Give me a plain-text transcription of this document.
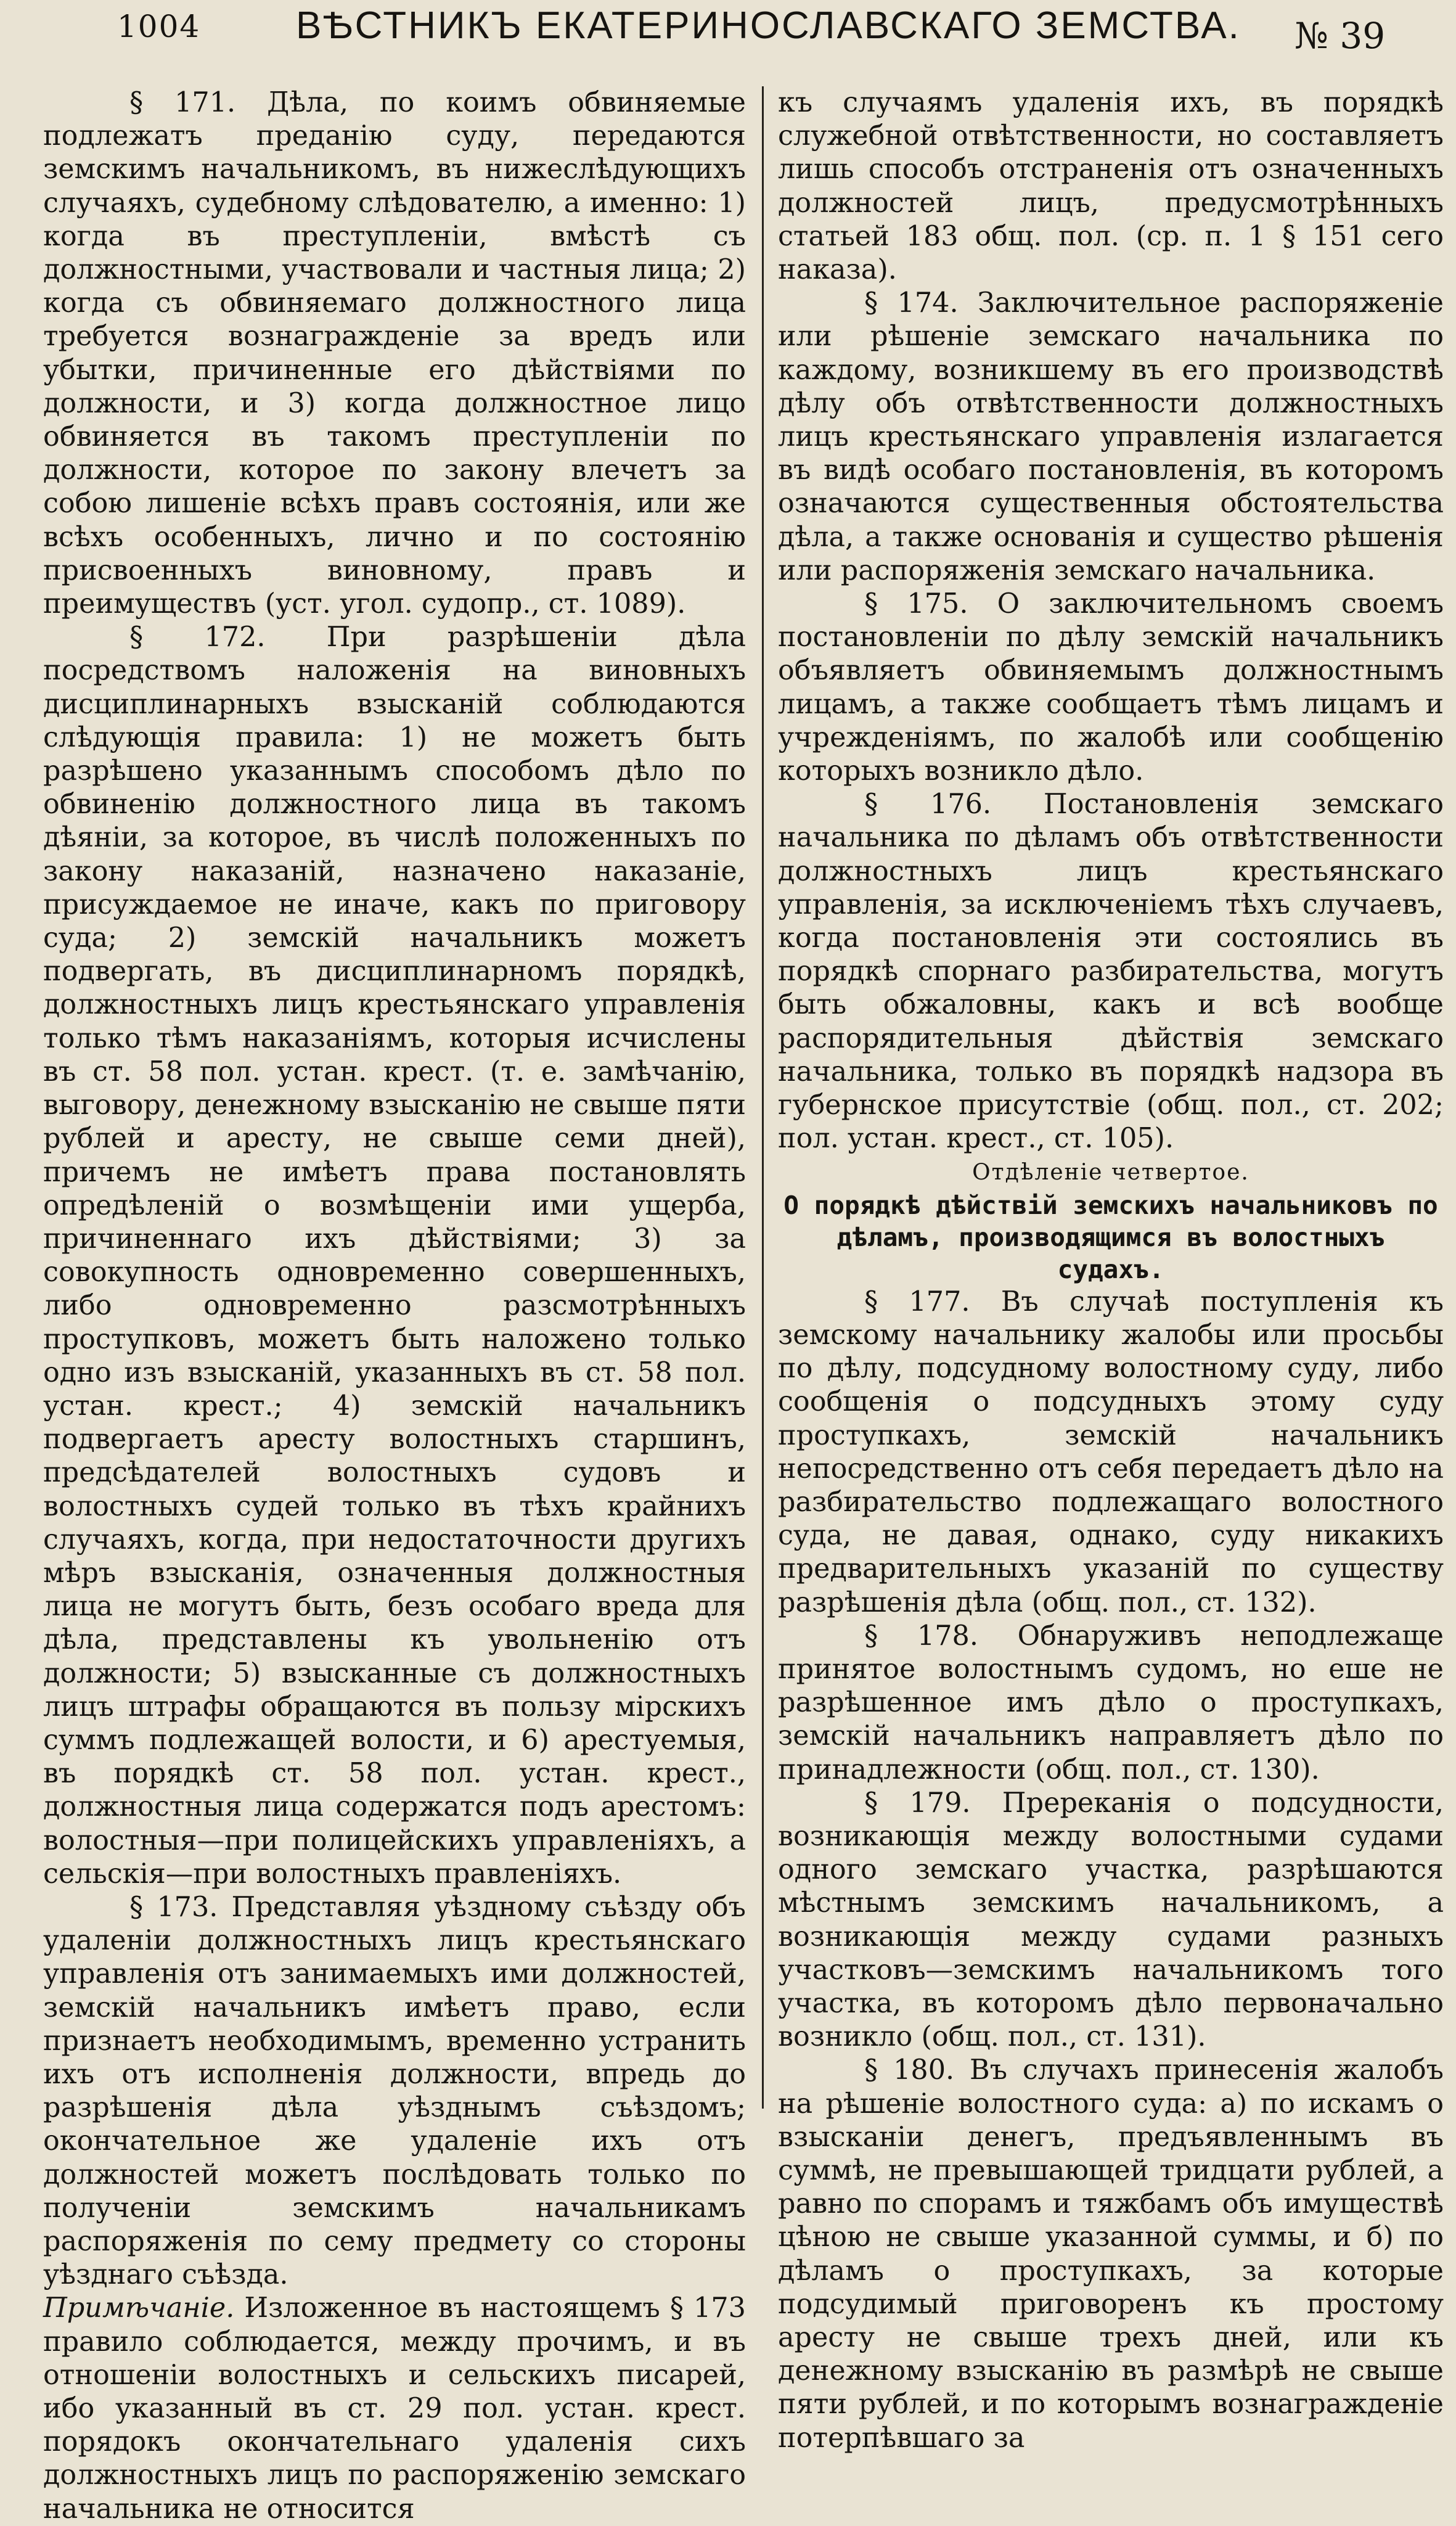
1004 ВѢСТНИКЪ ЕКАТЕРИНОСЛАВСКАГО ЗЕМСТВА. № 39

§ 171. Дѣла, по коимъ обвиняемые подлежатъ преданію суду, передаются земскимъ начальникомъ, въ нижеслѣдующихъ случаяхъ, судебному слѣдователю, а именно: 1) когда въ преступленіи, вмѣстѣ съ должностными, участвовали и частныя лица; 2) когда съ обвиняемаго должностного лица требуется вознагражденіе за вредъ или убытки, причиненные его дѣйствіями по должности, и 3) когда должностное лицо обвиняется въ такомъ преступленіи по должности, которое по закону влечетъ за собою лишеніе всѣхъ правъ состоянія, или же всѣхъ особенныхъ, лично и по состоянію присвоенныхъ виновному, правъ и преимуществъ (уст. угол. судопр., ст. 1089).

§ 172. При разрѣшеніи дѣла посредствомъ наложенія на виновныхъ дисциплинарныхъ взысканій соблюдаются слѣдующія правила: 1) не можетъ быть разрѣшено указаннымъ способомъ дѣло по обвиненію должностного лица въ такомъ дѣяніи, за которое, въ числѣ положенныхъ по закону наказаній, назначено наказаніе, присуждаемое не иначе, какъ по приговору суда; 2) земскій начальникъ можетъ подвергать, въ дисциплинарномъ порядкѣ, должностныхъ лицъ крестьянскаго управленія только тѣмъ наказаніямъ, которыя исчислены въ ст. 58 пол. устан. крест. (т. е. замѣчанію, выговору, денежному взысканію не свыше пяти рублей и аресту, не свыше семи дней), причемъ не имѣетъ права постановлять опредѣленій о возмѣщеніи ими ущерба, причиненнаго ихъ дѣйствіями; 3) за совокупность одновременно совершенныхъ, либо одновременно разсмотрѣнныхъ проступковъ, можетъ быть наложено только одно изъ взысканій, указанныхъ въ ст. 58 пол. устан. крест.; 4) земскій начальникъ подвергаетъ аресту волостныхъ старшинъ, предсѣдателей волостныхъ судовъ и волостныхъ судей только въ тѣхъ крайнихъ случаяхъ, когда, при недостаточности другихъ мѣръ взысканія, означенныя должностныя лица не могутъ быть, безъ особаго вреда для дѣла, представлены къ увольненію отъ должности; 5) взысканные съ должностныхъ лицъ штрафы обращаются въ пользу мірскихъ суммъ подлежащей волости, и 6) арестуемыя, въ порядкѣ ст. 58 пол. устан. крест., должностныя лица содержатся подъ арестомъ: волостныя—при полицейскихъ управленіяхъ, а сельскія—при волостныхъ правленіяхъ.

§ 173. Представляя уѣздному съѣзду объ удаленіи должностныхъ лицъ крестьянскаго управленія отъ занимаемыхъ ими должностей, земскій начальникъ имѣетъ право, если признаетъ необходимымъ, временно устранить ихъ отъ исполненія должности, впредь до разрѣшенія дѣла уѣзднымъ съѣздомъ; окончательное же удаленіе ихъ отъ должностей можетъ послѣдовать только по полученіи земскимъ начальникамъ распоряженія по сему предмету со стороны уѣзднаго съѣзда.

Примѣчаніе. Изложенное въ настоящемъ § 173 правило соблюдается, между прочимъ, и въ отношеніи волостныхъ и сельскихъ писарей, ибо указанный въ ст. 29 пол. устан. крест. порядокъ окончательнаго удаленія сихъ должностныхъ лицъ по распоряженію земскаго начальника не относится

къ случаямъ удаленія ихъ, въ порядкѣ служебной отвѣтственности, но составляетъ лишь способъ отстраненія отъ означенныхъ должностей лицъ, предусмотрѣнныхъ статьей 183 общ. пол. (ср. п. 1 § 151 сего наказа).

§ 174. Заключительное распоряженіе или рѣшеніе земскаго начальника по каждому, возникшему въ его производствѣ дѣлу объ отвѣтственности должностныхъ лицъ крестьянскаго управленія излагается въ видѣ особаго постановленія, въ которомъ означаются существенныя обстоятельства дѣла, а также основанія и существо рѣшенія или распоряженія земскаго начальника.

§ 175. О заключительномъ своемъ постановленіи по дѣлу земскій начальникъ объявляетъ обвиняемымъ должностнымъ лицамъ, а также сообщаетъ тѣмъ лицамъ и учрежденіямъ, по жалобѣ или сообщенію которыхъ возникло дѣло.

§ 176. Постановленія земскаго начальника по дѣламъ объ отвѣтственности должностныхъ лицъ крестьянскаго управленія, за исключеніемъ тѣхъ случаевъ, когда постановленія эти состоялись въ порядкѣ спорнаго разбирательства, могутъ быть обжаловны, какъ и всѣ вообще распорядительныя дѣйствія земскаго начальника, только въ порядкѣ надзора въ губернское присутствіе (общ. пол., ст. 202; пол. устан. крест., ст. 105).

Отдѣленіе четвертое.

О порядкѣ дѣйствій земскихъ начальниковъ по дѣламъ, производящимся въ волостныхъ судахъ.

§ 177. Въ случаѣ поступленія къ земскому начальнику жалобы или просьбы по дѣлу, подсудному волостному суду, либо сообщенія о подсудныхъ этому суду проступкахъ, земскій начальникъ непосредственно отъ себя передаетъ дѣло на разбирательство подлежащаго волостного суда, не давая, однако, суду никакихъ предварительныхъ указаній по существу разрѣшенія дѣла (общ. пол., ст. 132).

§ 178. Обнаруживъ неподлежаще принятое волостнымъ судомъ, но еше не разрѣшенное имъ дѣло о проступкахъ, земскій начальникъ направляетъ дѣло по принадлежности (общ. пол., ст. 130).

§ 179. Пререканія о подсудности, возникающія между волостными судами одного земскаго участка, разрѣшаются мѣстнымъ земскимъ начальникомъ, а возникающія между судами разныхъ участковъ—земскимъ начальникомъ того участка, въ которомъ дѣло первоначально возникло (общ. пол., ст. 131).

§ 180. Въ случахъ принесенія жалобъ на рѣшеніе волостного суда: а) по искамъ о взысканіи денегъ, предъявленнымъ въ суммѣ, не превышающей тридцати рублей, а равно по спорамъ и тяжбамъ объ имуществѣ цѣною не свыше указанной суммы, и б) по дѣламъ о проступкахъ, за которые подсудимый приговоренъ къ простому аресту не свыше трехъ дней, или къ денежному взысканію въ размѣрѣ не свыше пяти рублей, и по которымъ вознагражденіе потерпѣвшаго за
